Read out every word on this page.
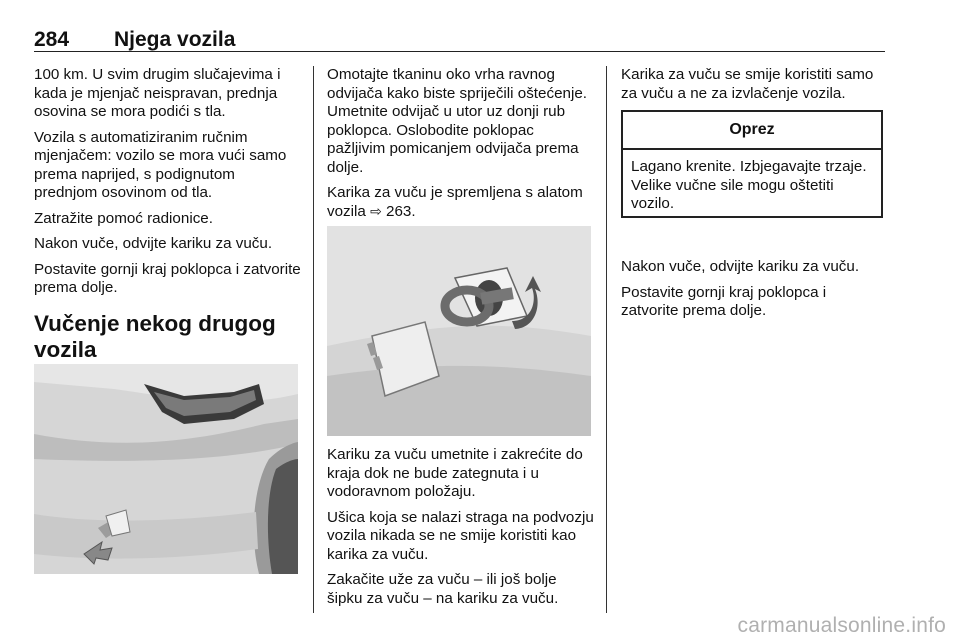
284 Njega vozila

100 km. U svim drugim slučajevima i kada je mjenjač neispravan, prednja osovina se mora podići s tla.

Vozila s automatiziranim ručnim mjenjačem: vozilo se mora vući samo prema naprijed, s podignutom prednjom osovinom od tla.

Zatražite pomoć radionice.

Nakon vuče, odvijte kariku za vuču.

Postavite gornji kraj poklopca i zatvorite prema dolje.

Vučenje nekog drugog vozila

Omotajte tkaninu oko vrha ravnog odvijača kako biste spriječili oštećenje. Umetnite odvijač u utor uz donji rub poklopca. Oslobodite poklopac pažljivim pomicanjem odvijača prema dolje.

Karika za vuču je spremljena s alatom vozila ⇨ 263.

Kariku za vuču umetnite i zakrećite do kraja dok ne bude zategnuta i u vodoravnom položaju.

Ušica koja se nalazi straga na podvozju vozila nikada se ne smije koristiti kao karika za vuču.

Zakačite uže za vuču – ili još bolje šipku za vuču – na kariku za vuču.

Karika za vuču se smije koristiti samo za vuču a ne za izvlačenje vozila.

Oprez
Lagano krenite. Izbjegavajte trzaje. Velike vučne sile mogu oštetiti vozilo.

Nakon vuče, odvijte kariku za vuču.

Postavite gornji kraj poklopca i zatvorite prema dolje.

carmanualsonline.info
